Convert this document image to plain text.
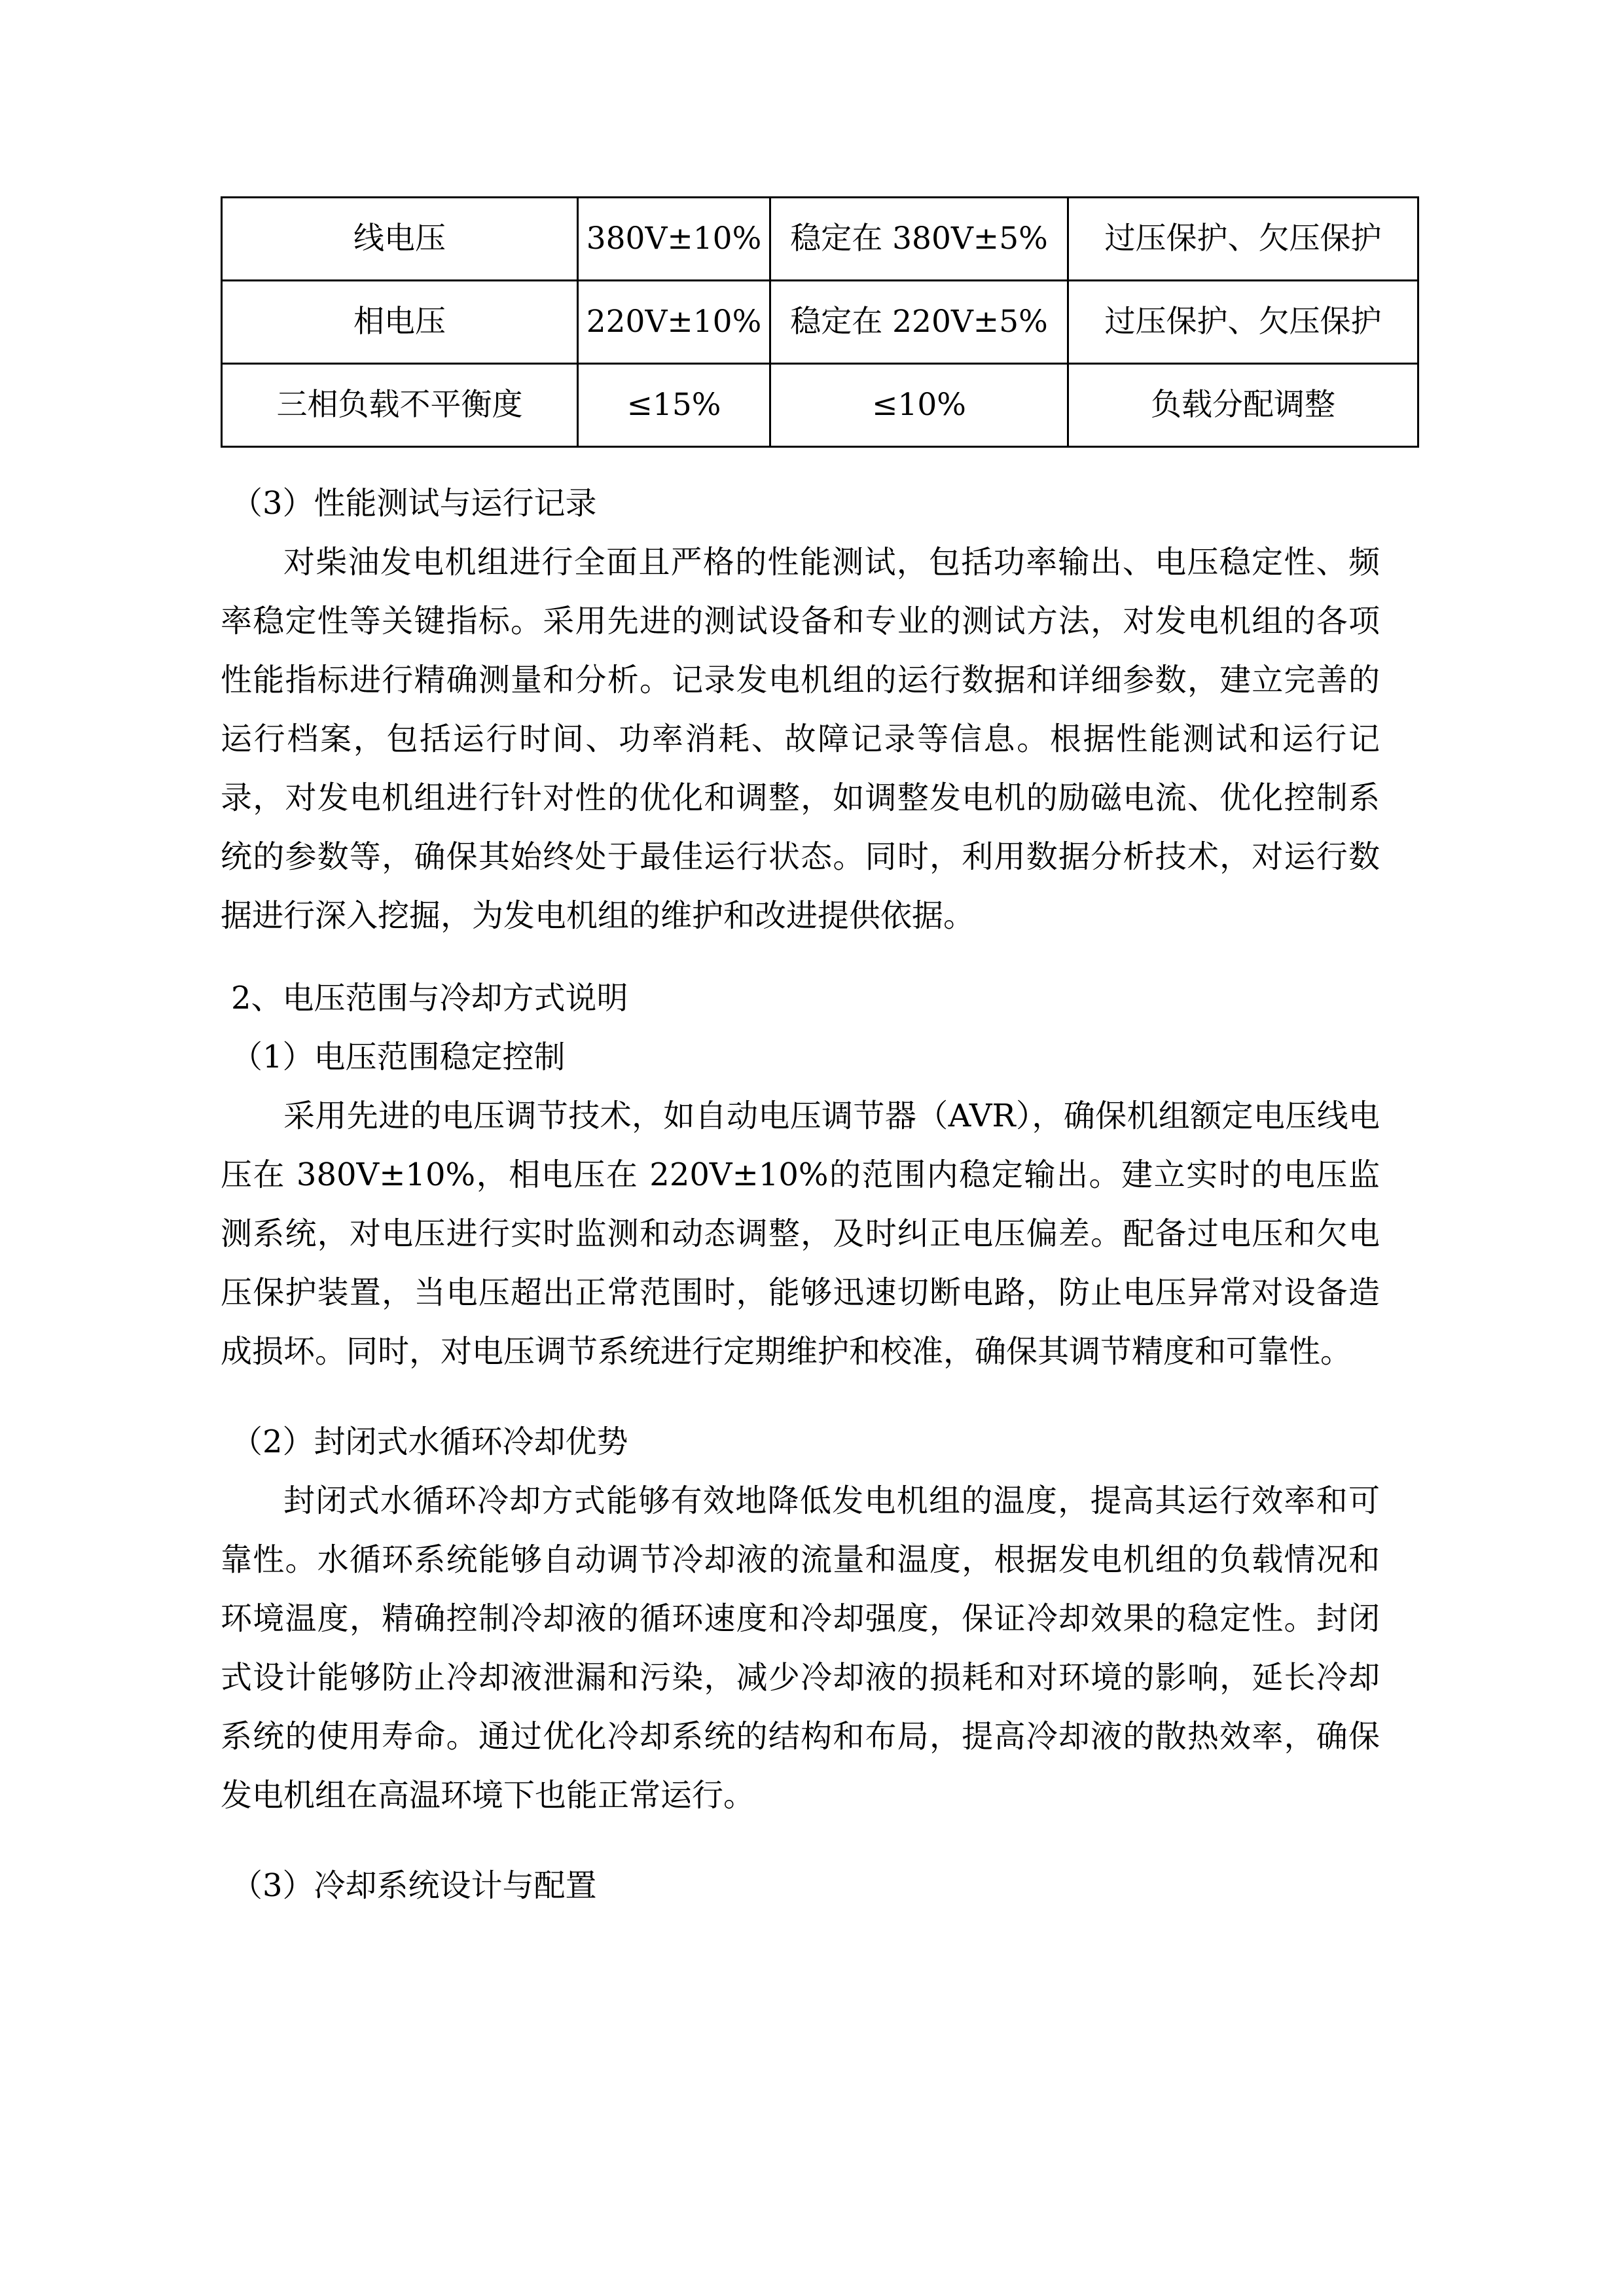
线电压	380V±10%	稳定在 380V±5%	过压保护、欠压保护
相电压	220V±10%	稳定在 220V±5%	过压保护、欠压保护
三相负载不平衡度	≤15%	≤10%	负载分配调整

（3）性能测试与运行记录

对柴油发电机组进行全面且严格的性能测试，包括功率输出、电压稳定性、频率稳定性等关键指标。采用先进的测试设备和专业的测试方法，对发电机组的各项性能指标进行精确测量和分析。记录发电机组的运行数据和详细参数，建立完善的运行档案，包括运行时间、功率消耗、故障记录等信息。根据性能测试和运行记录，对发电机组进行针对性的优化和调整，如调整发电机的励磁电流、优化控制系统的参数等，确保其始终处于最佳运行状态。同时，利用数据分析技术，对运行数据进行深入挖掘，为发电机组的维护和改进提供依据。

2、电压范围与冷却方式说明

（1）电压范围稳定控制

采用先进的电压调节技术，如自动电压调节器（AVR），确保机组额定电压线电压在 380V±10%，相电压在 220V±10%的范围内稳定输出。建立实时的电压监测系统，对电压进行实时监测和动态调整，及时纠正电压偏差。配备过电压和欠电压保护装置，当电压超出正常范围时，能够迅速切断电路，防止电压异常对设备造成损坏。同时，对电压调节系统进行定期维护和校准，确保其调节精度和可靠性。

（2）封闭式水循环冷却优势

封闭式水循环冷却方式能够有效地降低发电机组的温度，提高其运行效率和可靠性。水循环系统能够自动调节冷却液的流量和温度，根据发电机组的负载情况和环境温度，精确控制冷却液的循环速度和冷却强度，保证冷却效果的稳定性。封闭式设计能够防止冷却液泄漏和污染，减少冷却液的损耗和对环境的影响，延长冷却系统的使用寿命。通过优化冷却系统的结构和布局，提高冷却液的散热效率，确保发电机组在高温环境下也能正常运行。

（3）冷却系统设计与配置
